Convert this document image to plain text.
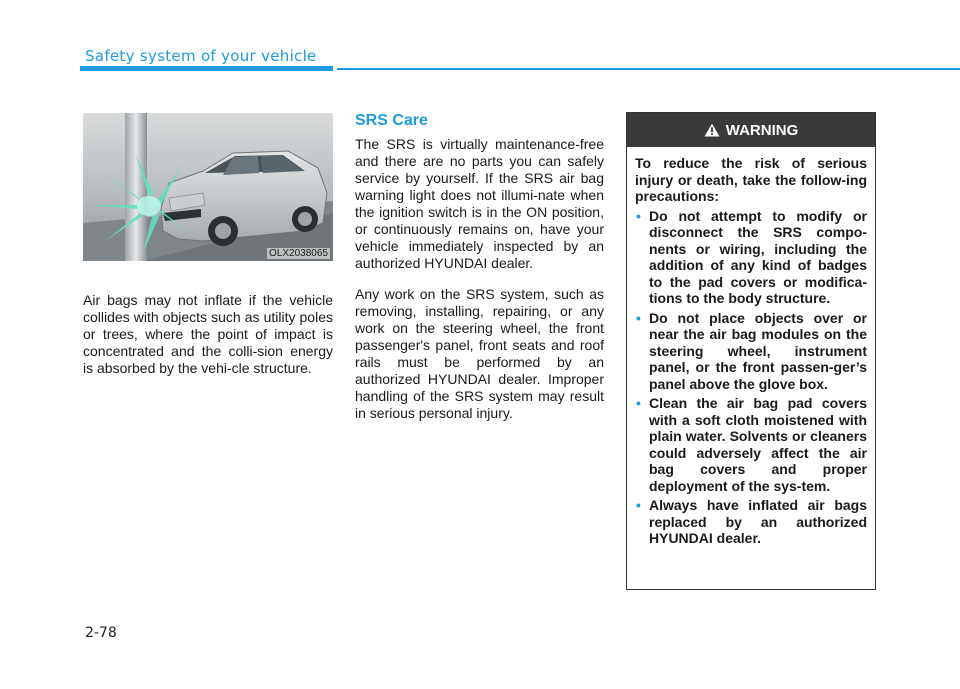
Safety system of your vehicle
OLX2038065

Air bags may not inflate if the vehicle collides with objects such as utility poles or trees, where the point of impact is concentrated and the colli-sion energy is absorbed by the vehi-cle structure.

SRS Care

The SRS is virtually maintenance-free and there are no parts you can safely service by yourself. If the SRS air bag warning light does not illumi-nate when the ignition switch is in the ON position, or continuously remains on, have your vehicle immediately inspected by an authorized HYUNDAI dealer.

Any work on the SRS system, such as removing, installing, repairing, or any work on the steering wheel, the front passenger's panel, front seats and roof rails must be performed by an authorized HYUNDAI dealer. Improper handling of the SRS system may result in serious personal injury.

WARNING

To reduce the risk of serious injury or death, take the follow-ing precautions:

• Do not attempt to modify or disconnect the SRS compo-nents or wiring, including the addition of any kind of badges to the pad covers or modifica-tions to the body structure.
• Do not place objects over or near the air bag modules on the steering wheel, instrument panel, or the front passen-ger’s panel above the glove box.
• Clean the air bag pad covers with a soft cloth moistened with plain water. Solvents or cleaners could adversely affect the air bag covers and proper deployment of the sys-tem.
• Always have inflated air bags replaced by an authorized HYUNDAI dealer.
2-78
